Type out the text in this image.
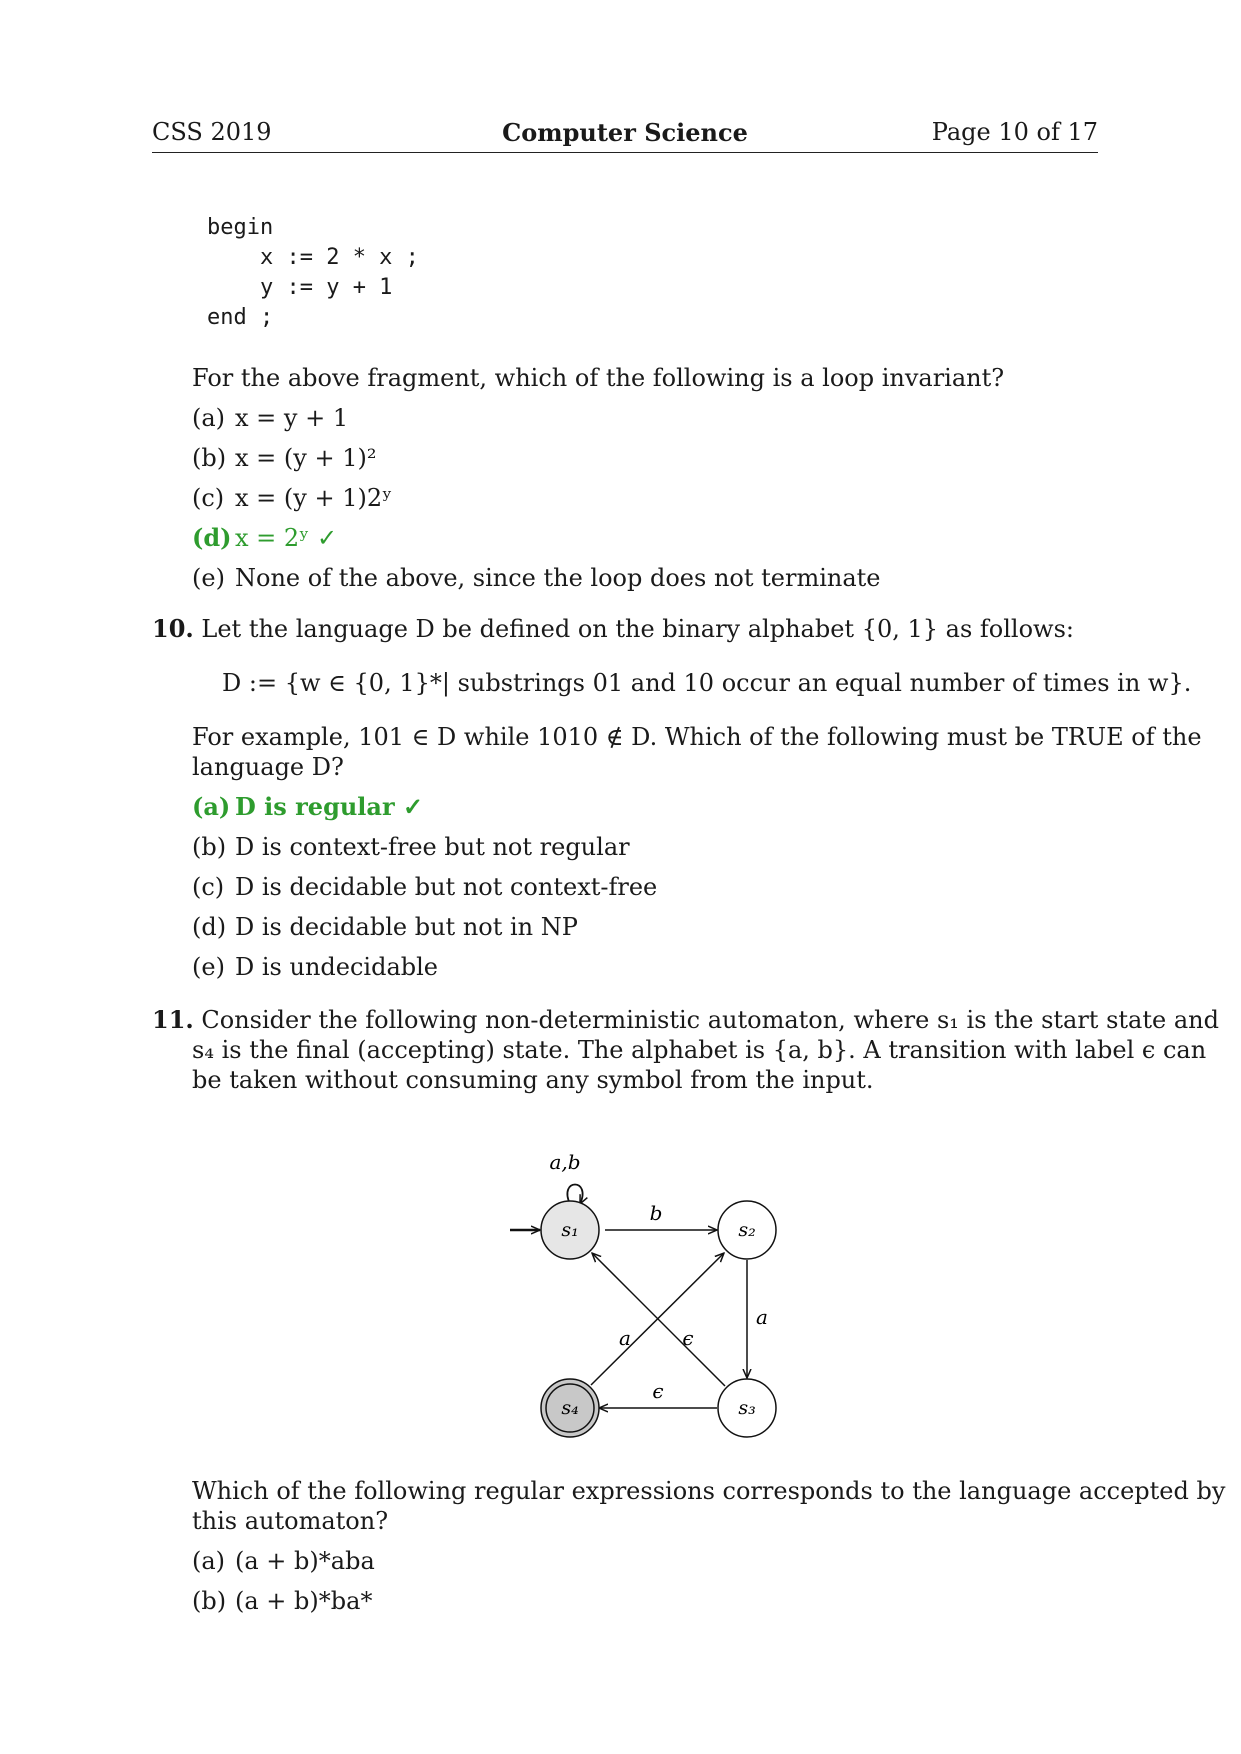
CSS 2019	Computer Science	Page 10 of 17
begin
x := 2 * x ;
y := y + 1
end ;
For the above fragment, which of the following is a loop invariant?
(a) x = y + 1
(b) x = (y + 1)²
(c) x = (y + 1)2ʸ
(d) x = 2ʸ ✓
(e) None of the above, since the loop does not terminate
10. Let the language D be defined on the binary alphabet {0, 1} as follows:
D := {w ∈ {0, 1}*| substrings 01 and 10 occur an equal number of times in w}.
For example, 101 ∈ D while 1010 ∉ D. Which of the following must be TRUE of the
language D?
(a) D is regular ✓
(b) D is context-free but not regular
(c) D is decidable but not context-free
(d) D is decidable but not in NP
(e) D is undecidable
11. Consider the following non-deterministic automaton, where s₁ is the start state and
s₄ is the final (accepting) state. The alphabet is {a, b}. A transition with label ϵ can
be taken without consuming any symbol from the input.
a,b
b
a
ϵ
ϵ
a
s₁	s₂
s₃
s₄
Which of the following regular expressions corresponds to the language accepted by
this automaton?
(a) (a + b)*aba
(b) (a + b)*ba*
